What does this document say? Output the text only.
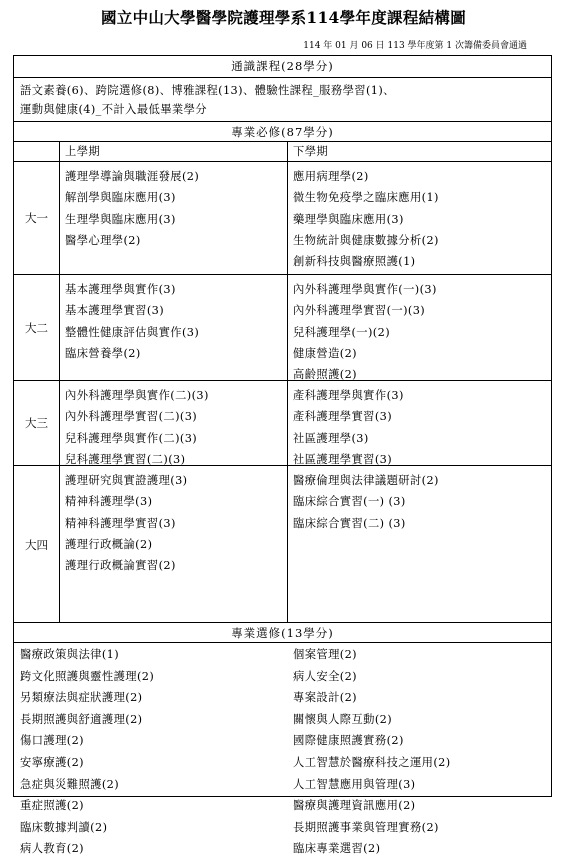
國立中山大學醫學院護理學系114學年度課程結構圖
114 年 01 月 06 日 113 學年度第 1 次籌備委員會通過
通識課程(28學分)
語文素養(6)、跨院選修(8)、博雅課程(13)、體驗性課程_服務學習(1)、
運動與健康(4)_不計入最低畢業學分
專業必修(87學分)
上學期	下學期
大一
護理學導論與職涯發展(2)
解剖學與臨床應用(3)
生理學與臨床應用(3)
醫學心理學(2)
應用病理學(2)
微生物免疫學之臨床應用(1)
藥理學與臨床應用(3)
生物統計與健康數據分析(2)
創新科技與醫療照護(1)
大二
基本護理學與實作(3)
基本護理學實習(3)
整體性健康評估與實作(3)
臨床營養學(2)
內外科護理學與實作(一)(3)
內外科護理學實習(一)(3)
兒科護理學(一)(2)
健康營造(2)
高齡照護(2)
大三
內外科護理學與實作(二)(3)
內外科護理學實習(二)(3)
兒科護理學與實作(二)(3)
兒科護理學實習(二)(3)
產科護理學與實作(3)
產科護理學實習(3)
社區護理學(3)
社區護理學實習(3)
大四
護理研究與實證護理(3)
精神科護理學(3)
精神科護理學實習(3)
護理行政概論(2)
護理行政概論實習(2)
醫療倫理與法律議題研討(2)
臨床綜合實習(一) (3)
臨床綜合實習(二) (3)
專業選修(13學分)
醫療政策與法律(1)
跨文化照護與靈性護理(2)
另類療法與症狀護理(2)
長期照護與舒適護理(2)
傷口護理(2)
安寧療護(2)
急症與災難照護(2)
重症照護(2)
臨床數據判讀(2)
病人教育(2)
個案管理(2)
病人安全(2)
專案設計(2)
關懷與人際互動(2)
國際健康照護實務(2)
人工智慧於醫療科技之運用(2)
人工智慧應用與管理(3)
醫療與護理資訊應用(2)
長期照護事業與管理實務(2)
臨床專業選習(2)
